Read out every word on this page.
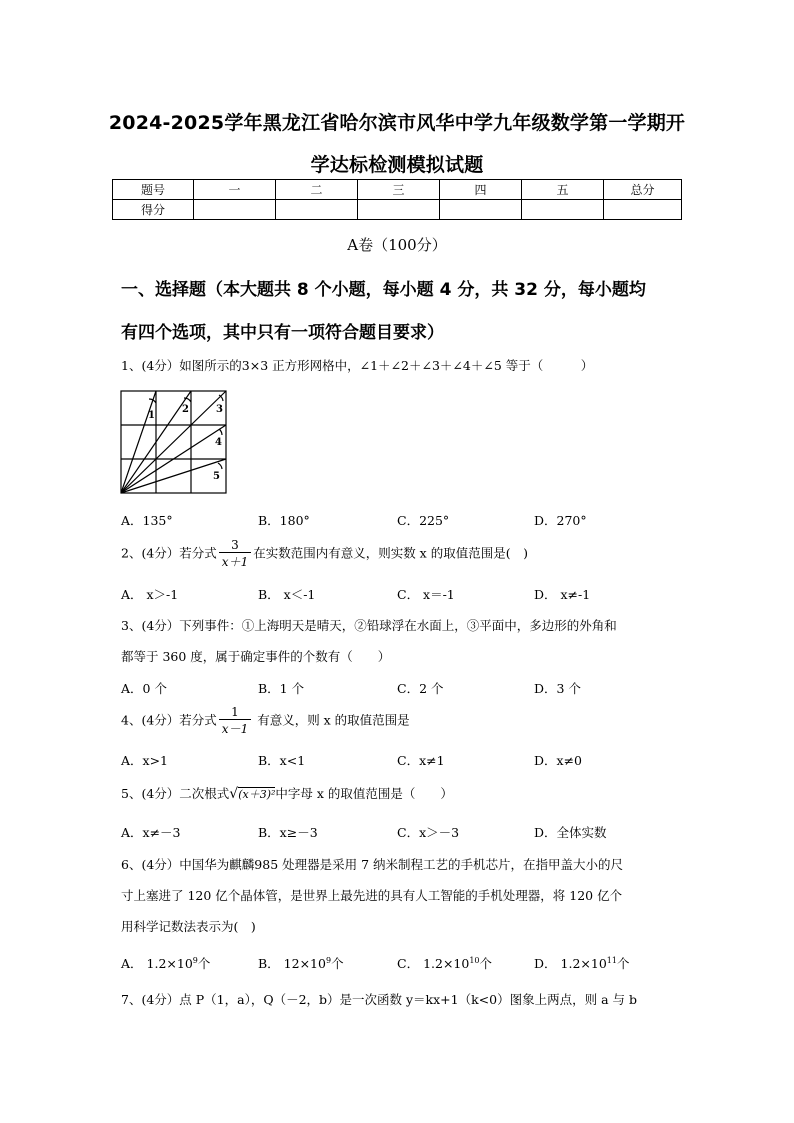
2024-2025学年黑龙江省哈尔滨市风华中学九年级数学第一学期开
学达标检测模拟试题
题号	一	二	三	四	五	总分
得分						
A卷（100分）
一、选择题（本大题共 8 个小题，每小题 4 分，共 32 分，每小题均
有四个选项，其中只有一项符合题目要求）
1、(4分）如图所示的3×3 正方形网格中，∠1＋∠2＋∠3＋∠4＋∠5 等于（　　　）
1
2	3
4
5
A．135°	B．180°	C．225°	D．270°
2、(4分）若分式 $\frac{3}{x+1}$ 在实数范围内有意义，则实数 x 的取值范围是(　)
A． x＞-1	B． x＜-1	C． x＝-1	D． x≠-1
3、(4分）下列事件：①上海明天是晴天，②铅球浮在水面上，③平面中，多边形的外角和
都等于 360 度，属于确定事件的个数有（　　）
A．0 个	B．1 个	C．2 个	D．3 个
4、(4分）若分式 $\frac{1}{x-1}$ 有意义，则 x 的取值范围是
A．x>1	B．x<1	C．x≠1	D．x≠0
5、(4分）二次根式√(x＋3)²中字母 x 的取值范围是（　　）
A．x≠－3	B．x≥－3	C．x＞－3	D．全体实数
6、(4分）中国华为麒麟985 处理器是采用 7 纳米制程工艺的手机芯片，在指甲盖大小的尺
寸上塞进了 120 亿个晶体管，是世界上最先进的具有人工智能的手机处理器，将 120 亿个
用科学记数法表示为(　)
A． $1.2\times 10^9$个	B． $12\times 10^9$个	C． $1.2\times 10^{10}$个	D． $1.2\times 10^{11}$个
7、(4分）点 P（1，a），Q（－2，b）是一次函数 y＝kx+1（k<0）图象上两点，则 a 与 b
